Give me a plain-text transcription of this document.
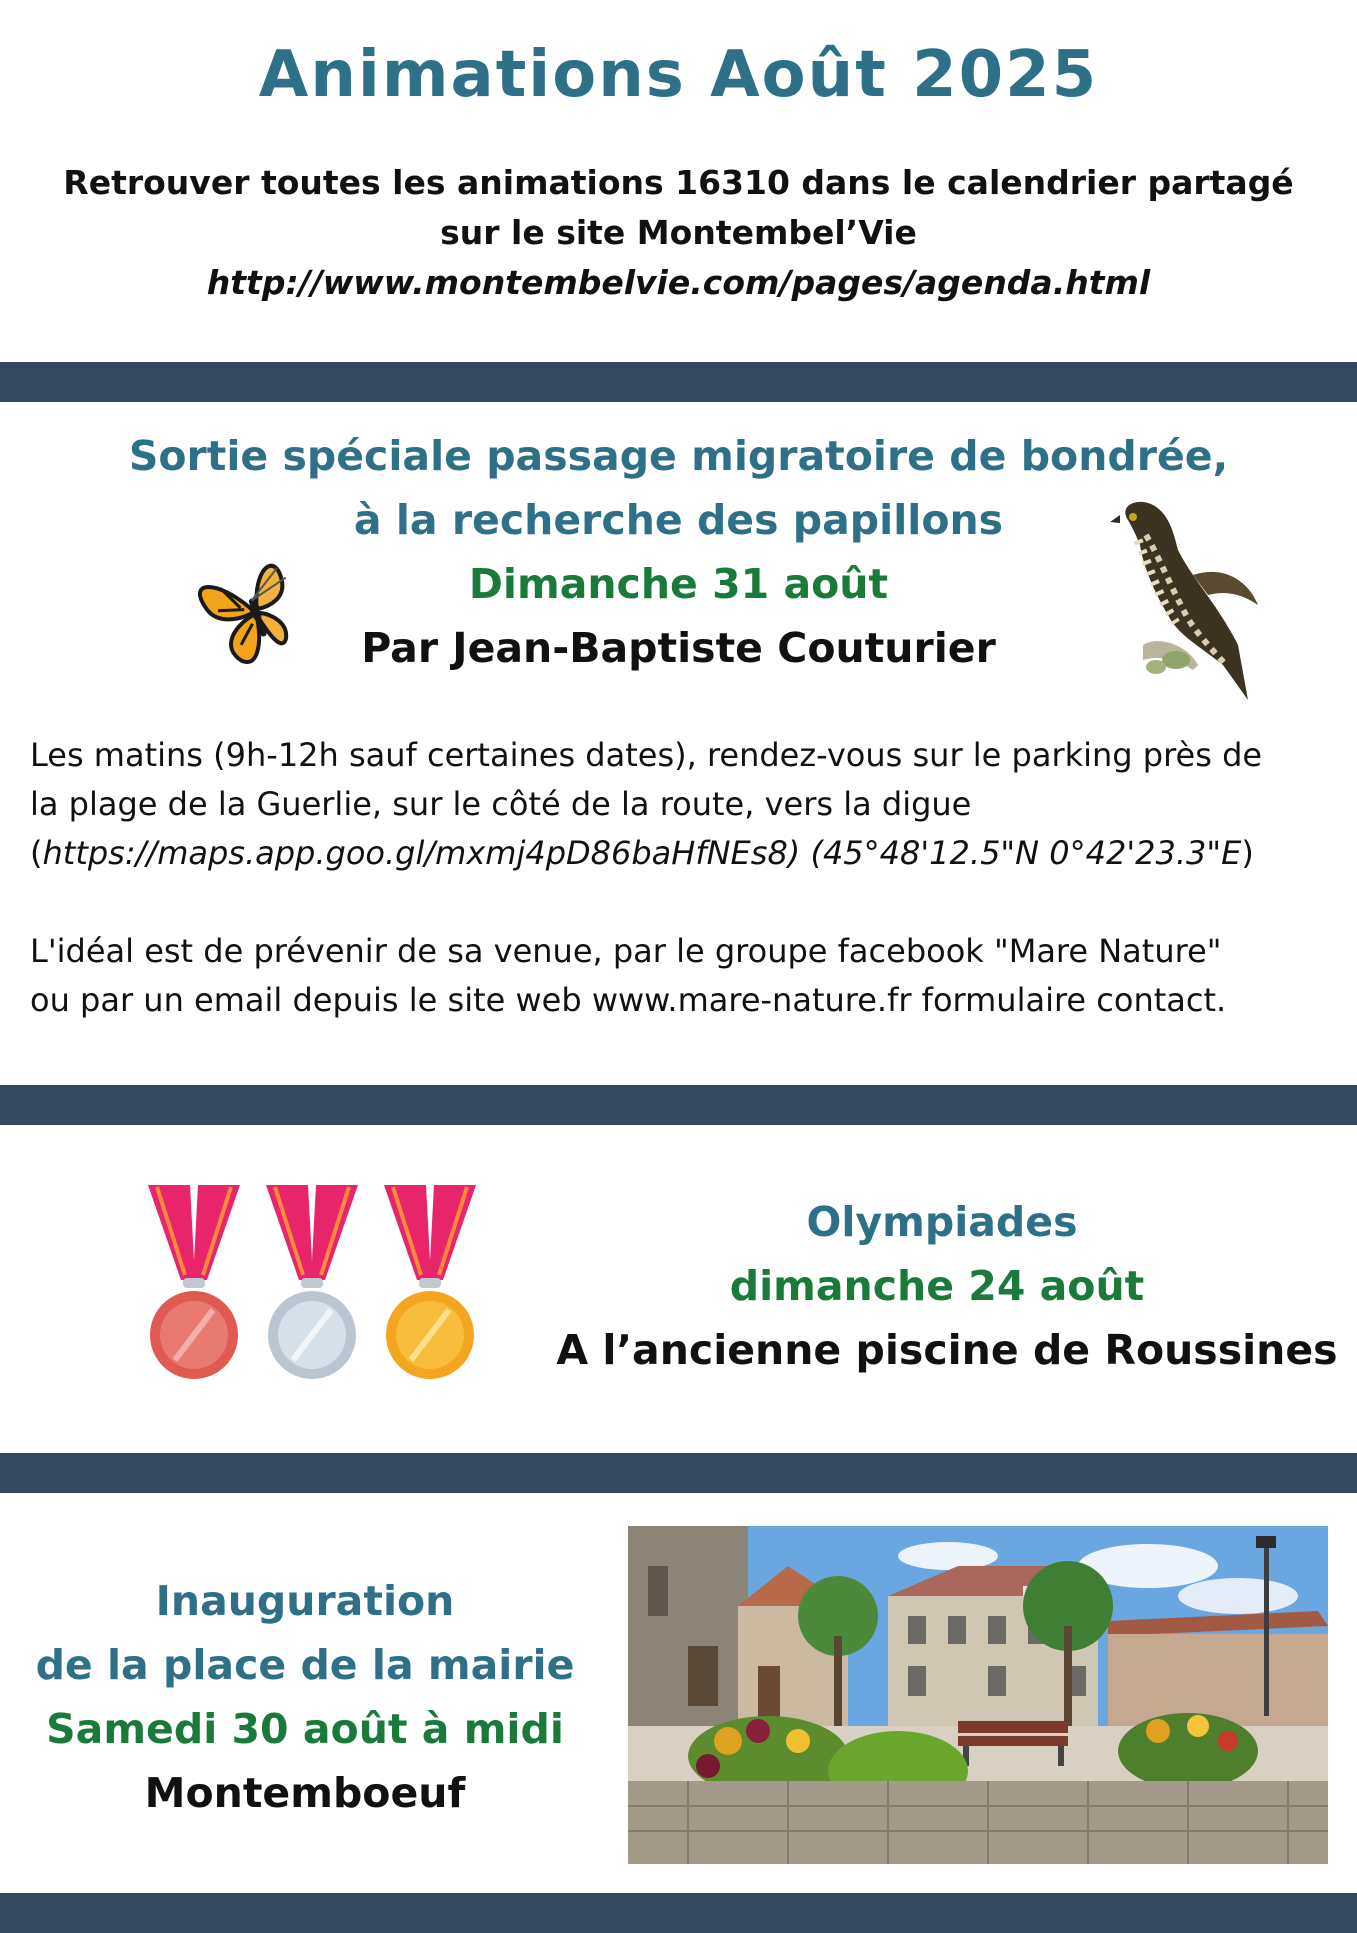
Animations Août 2025
Retrouver toutes les animations 16310 dans le calendrier partagé
sur le site Montembel’Vie
http://www.montembelvie.com/pages/agenda.html
Sortie spéciale passage migratoire de bondrée,
à la recherche des papillons
Dimanche 31 août
Par Jean-Baptiste Couturier
Les matins (9h-12h sauf certaines dates), rendez-vous sur le parking près de
la plage de la Guerlie, sur le côté de la route, vers la digue
(https://maps.app.goo.gl/mxmj4pD86baHfNEs8) (45°48'12.5"N 0°42'23.3"E)
L'idéal est de prévenir de sa venue, par le groupe facebook "Mare Nature"
ou par un email depuis le site web www.mare-nature.fr formulaire contact.
Olympiades
dimanche 24 août
A l’ancienne piscine de Roussines
Inauguration
de la place de la mairie
Samedi 30 août à midi
Montemboeuf
